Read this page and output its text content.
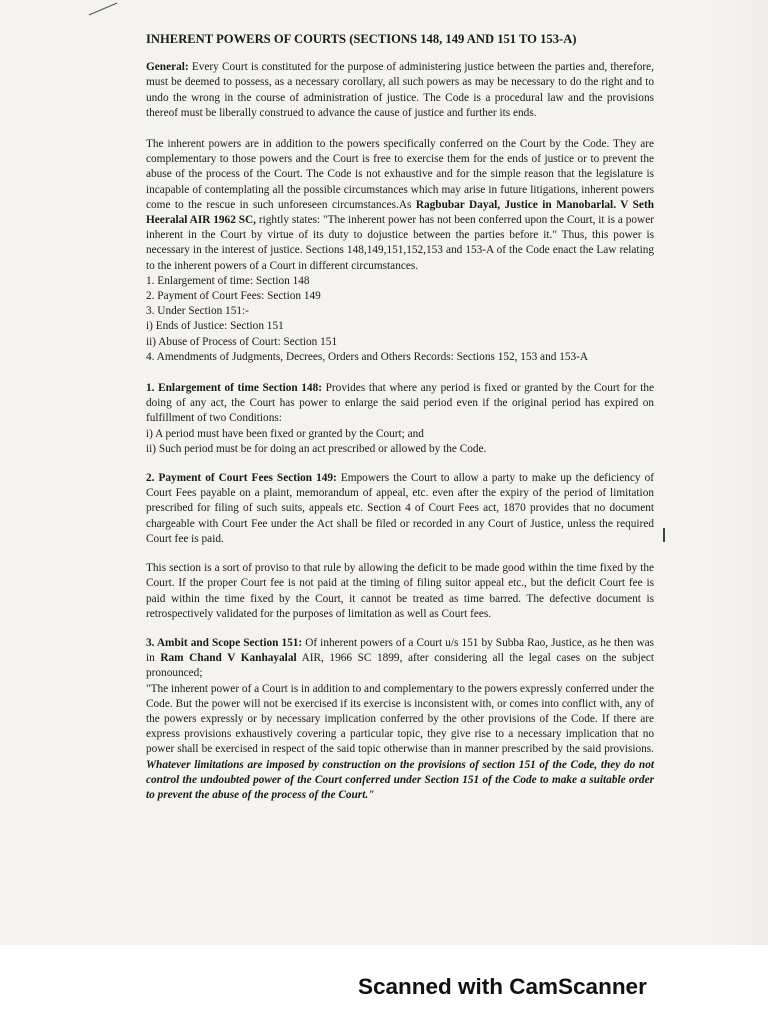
INHERENT POWERS OF COURTS (SECTIONS 148, 149 AND 151 TO 153-A)

General: Every Court is constituted for the purpose of administering justice between the parties and, therefore, must be deemed to possess, as a necessary corollary, all such powers as may be necessary to do the right and to undo the wrong in the course of administration of justice. The Code is a procedural law and the provisions thereof must be liberally construed to advance the cause of justice and further its ends.

The inherent powers are in addition to the powers specifically conferred on the Court by the Code. They are complementary to those powers and the Court is free to exercise them for the ends of justice or to prevent the abuse of the process of the Court. The Code is not exhaustive and for the simple reason that the legislature is incapable of contemplating all the possible circumstances which may arise in future litigations, inherent powers come to the rescue in such unforeseen circumstances.As Ragbubar Dayal, Justice in Manobarlal. V Seth Heeralal AIR 1962 SC, rightly states: "The inherent power has not been conferred upon the Court, it is a power inherent in the Court by virtue of its duty to dojustice between the parties before it." Thus, this power is necessary in the interest of justice. Sections 148,149,151,152,153 and 153-A of the Code enact the Law relating to the inherent powers of a Court in different circumstances.

1. Enlargement of time: Section 148

2. Payment of Court Fees: Section 149

3. Under Section 151:-

i) Ends of Justice: Section 151

ii) Abuse of Process of Court: Section 151

4. Amendments of Judgments, Decrees, Orders and Others Records: Sections 152, 153 and 153-A

1. Enlargement of time Section 148: Provides that where any period is fixed or granted by the Court for the doing of any act, the Court has power to enlarge the said period even if the original period has expired on fulfillment of two Conditions:

i) A period must have been fixed or granted by the Court; and

ii) Such period must be for doing an act prescribed or allowed by the Code.

2. Payment of Court Fees Section 149: Empowers the Court to allow a party to make up the deficiency of Court Fees payable on a plaint, memorandum of appeal, etc. even after the expiry of the period of limitation prescribed for filing of such suits, appeals etc. Section 4 of Court Fees act, 1870 provides that no document chargeable with Court Fee under the Act shall be filed or recorded in any Court of Justice, unless the required Court fee is paid.

This section is a sort of proviso to that rule by allowing the deficit to be made good within the time fixed by the Court. If the proper Court fee is not paid at the timing of filing suitor appeal etc., but the deficit Court fee is paid within the time fixed by the Court, it cannot be treated as time barred. The defective document is retrospectively validated for the purposes of limitation as well as Court fees.

3. Ambit and Scope Section 151: Of inherent powers of a Court u/s 151 by Subba Rao, Justice, as he then was in Ram Chand V Kanhayalal AIR, 1966 SC 1899, after considering all the legal cases on the subject pronounced;

"The inherent power of a Court is in addition to and complementary to the powers expressly conferred under the Code. But the power will not be exercised if its exercise is inconsistent with, or comes into conflict with, any of the powers expressly or by necessary implication conferred by the other provisions of the Code. If there are express provisions exhaustively covering a particular topic, they give rise to a necessary implication that no power shall be exercised in respect of the said topic otherwise than in manner prescribed by the said provisions. Whatever limitations are imposed by construction on the provisions of section 151 of the Code, they do not control the undoubted power of the Court conferred under Section 151 of the Code to make a suitable order to prevent the abuse of the process of the Court."

Scanned with CamScanner
